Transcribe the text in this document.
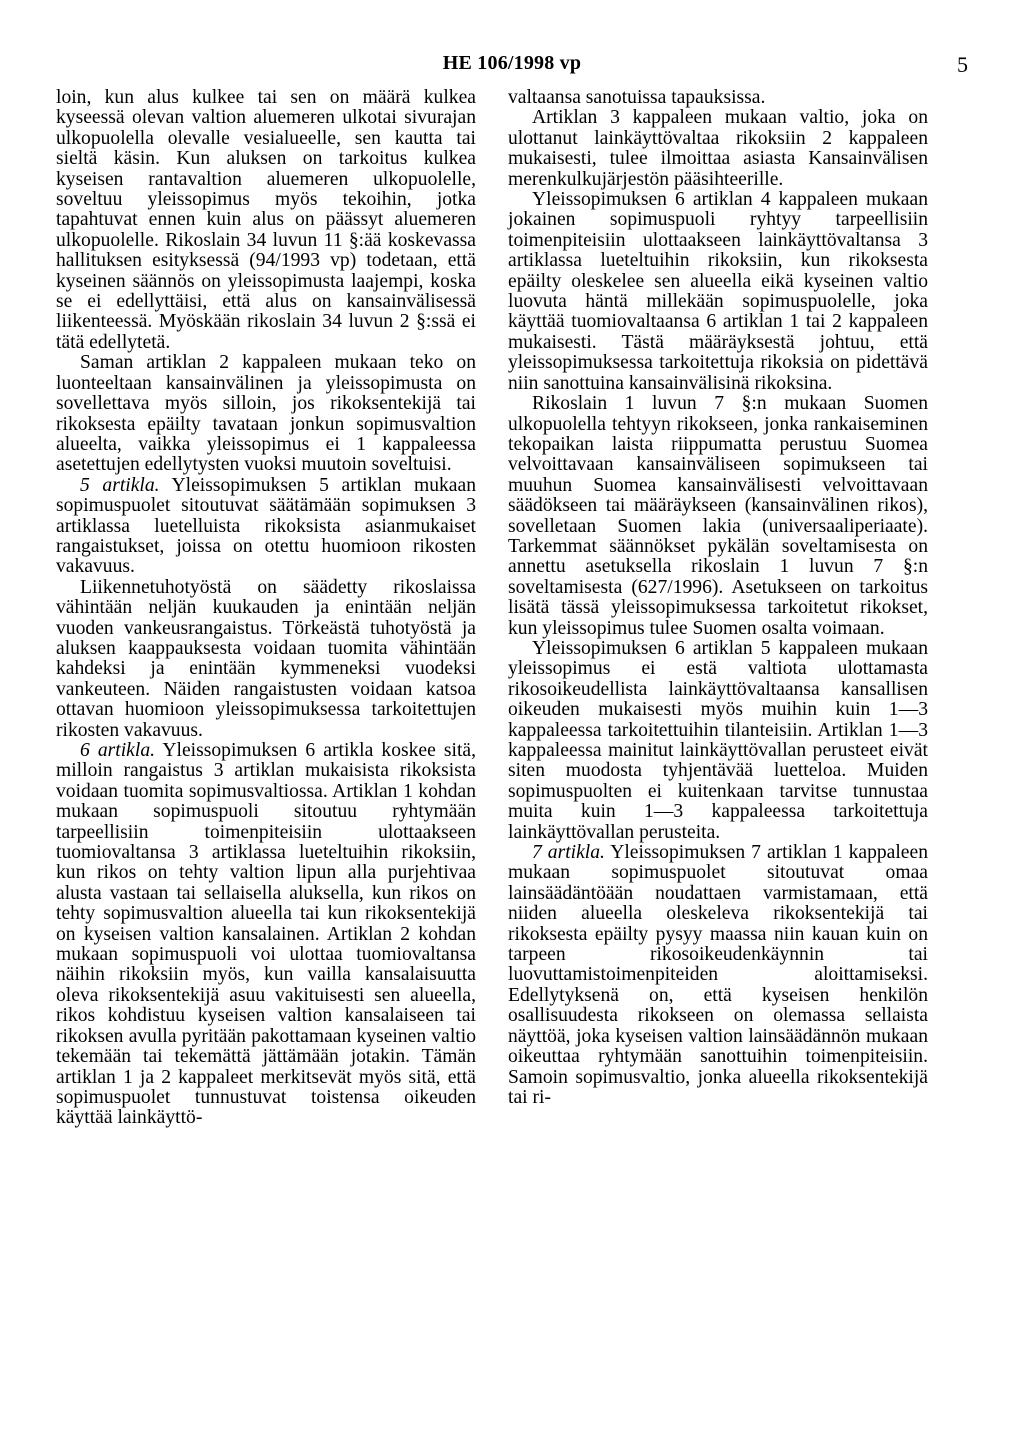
HE 106/1998 vp	5

loin, kun alus kulkee tai sen on määrä kulkea kyseessä olevan valtion aluemeren ulkotai sivurajan ulkopuolella olevalle vesialueelle, sen kautta tai sieltä käsin. Kun aluksen on tarkoitus kulkea kyseisen rantavaltion aluemeren ulkopuolelle, soveltuu yleissopimus myös tekoihin, jotka tapahtuvat ennen kuin alus on päässyt aluemeren ulkopuolelle. Rikoslain 34 luvun 11 §:ää koskevassa hallituksen esityksessä (94/1993 vp) todetaan, että kyseinen säännös on yleissopimusta laajempi, koska se ei edellyttäisi, että alus on kansainvälisessä liikenteessä. Myöskään rikoslain 34 luvun 2 §:ssä ei tätä edellytetä.

Saman artiklan 2 kappaleen mukaan teko on luonteeltaan kansainvälinen ja yleissopimusta on sovellettava myös silloin, jos rikoksentekijä tai rikoksesta epäilty tavataan jonkun sopimusvaltion alueelta, vaikka yleissopimus ei 1 kappaleessa asetettujen edellytysten vuoksi muutoin soveltuisi.

5 artikla. Yleissopimuksen 5 artiklan mukaan sopimuspuolet sitoutuvat säätämään sopimuksen 3 artiklassa luetelluista rikoksista asianmukaiset rangaistukset, joissa on otettu huomioon rikosten vakavuus.

Liikennetuhotyöstä on säädetty rikoslaissa vähintään neljän kuukauden ja enintään neljän vuoden vankeusrangaistus. Törkeästä tuhotyöstä ja aluksen kaappauksesta voidaan tuomita vähintään kahdeksi ja enintään kymmeneksi vuodeksi vankeuteen. Näiden rangaistusten voidaan katsoa ottavan huomioon yleissopimuksessa tarkoitettujen rikosten vakavuus.

6 artikla. Yleissopimuksen 6 artikla koskee sitä, milloin rangaistus 3 artiklan mukaisista rikoksista voidaan tuomita sopimusvaltiossa. Artiklan 1 kohdan mukaan sopimuspuoli sitoutuu ryhtymään tarpeellisiin toimenpiteisiin ulottaakseen tuomiovaltansa 3 artiklassa lueteltuihin rikoksiin, kun rikos on tehty valtion lipun alla purjehtivaa alusta vastaan tai sellaisella aluksella, kun rikos on tehty sopimusvaltion alueella tai kun rikoksentekijä on kyseisen valtion kansalainen. Artiklan 2 kohdan mukaan sopimuspuoli voi ulottaa tuomiovaltansa näihin rikoksiin myös, kun vailla kansalaisuutta oleva rikoksentekijä asuu vakituisesti sen alueella, rikos kohdistuu kyseisen valtion kansalaiseen tai rikoksen avulla pyritään pakottamaan kyseinen valtio tekemään tai tekemättä jättämään jotakin. Tämän artiklan 1 ja 2 kappaleet merkitsevät myös sitä, että sopimuspuolet tunnustuvat toistensa oikeuden käyttää lainkäyttö-

valtaansa sanotuissa tapauksissa.

Artiklan 3 kappaleen mukaan valtio, joka on ulottanut lainkäyttövaltaa rikoksiin 2 kappaleen mukaisesti, tulee ilmoittaa asiasta Kansainvälisen merenkulkujärjestön pääsihteerille.

Yleissopimuksen 6 artiklan 4 kappaleen mukaan jokainen sopimuspuoli ryhtyy tarpeellisiin toimenpiteisiin ulottaakseen lainkäyttövaltansa 3 artiklassa lueteltuihin rikoksiin, kun rikoksesta epäilty oleskelee sen alueella eikä kyseinen valtio luovuta häntä millekään sopimuspuolelle, joka käyttää tuomiovaltaansa 6 artiklan 1 tai 2 kappaleen mukaisesti. Tästä määräyksestä johtuu, että yleissopimuksessa tarkoitettuja rikoksia on pidettävä niin sanottuina kansainvälisinä rikoksina.

Rikoslain 1 luvun 7 §:n mukaan Suomen ulkopuolella tehtyyn rikokseen, jonka rankaiseminen tekopaikan laista riippumatta perustuu Suomea velvoittavaan kansainväliseen sopimukseen tai muuhun Suomea kansainvälisesti velvoittavaan säädökseen tai määräykseen (kansainvälinen rikos), sovelletaan Suomen lakia (universaaliperiaate). Tarkemmat säännökset pykälän soveltamisesta on annettu asetuksella rikoslain 1 luvun 7 §:n soveltamisesta (627/1996). Asetukseen on tarkoitus lisätä tässä yleissopimuksessa tarkoitetut rikokset, kun yleissopimus tulee Suomen osalta voimaan.

Yleissopimuksen 6 artiklan 5 kappaleen mukaan yleissopimus ei estä valtiota ulottamasta rikosoikeudellista lainkäyttövaltaansa kansallisen oikeuden mukaisesti myös muihin kuin 1—3 kappaleessa tarkoitettuihin tilanteisiin. Artiklan 1—3 kappaleessa mainitut lainkäyttövallan perusteet eivät siten muodosta tyhjentävää luetteloa. Muiden sopimuspuolten ei kuitenkaan tarvitse tunnustaa muita kuin 1—3 kappaleessa tarkoitettuja lainkäyttövallan perusteita.

7 artikla. Yleissopimuksen 7 artiklan 1 kappaleen mukaan sopimuspuolet sitoutuvat omaa lainsäädäntöään noudattaen varmistamaan, että niiden alueella oleskeleva rikoksentekijä tai rikoksesta epäilty pysyy maassa niin kauan kuin on tarpeen rikosoikeudenkäynnin tai luovuttamistoimenpiteiden aloittamiseksi. Edellytyksenä on, että kyseisen henkilön osallisuudesta rikokseen on olemassa sellaista näyttöä, joka kyseisen valtion lainsäädännön mukaan oikeuttaa ryhtymään sanottuihin toimenpiteisiin. Samoin sopimusvaltio, jonka alueella rikoksentekijä tai ri-
